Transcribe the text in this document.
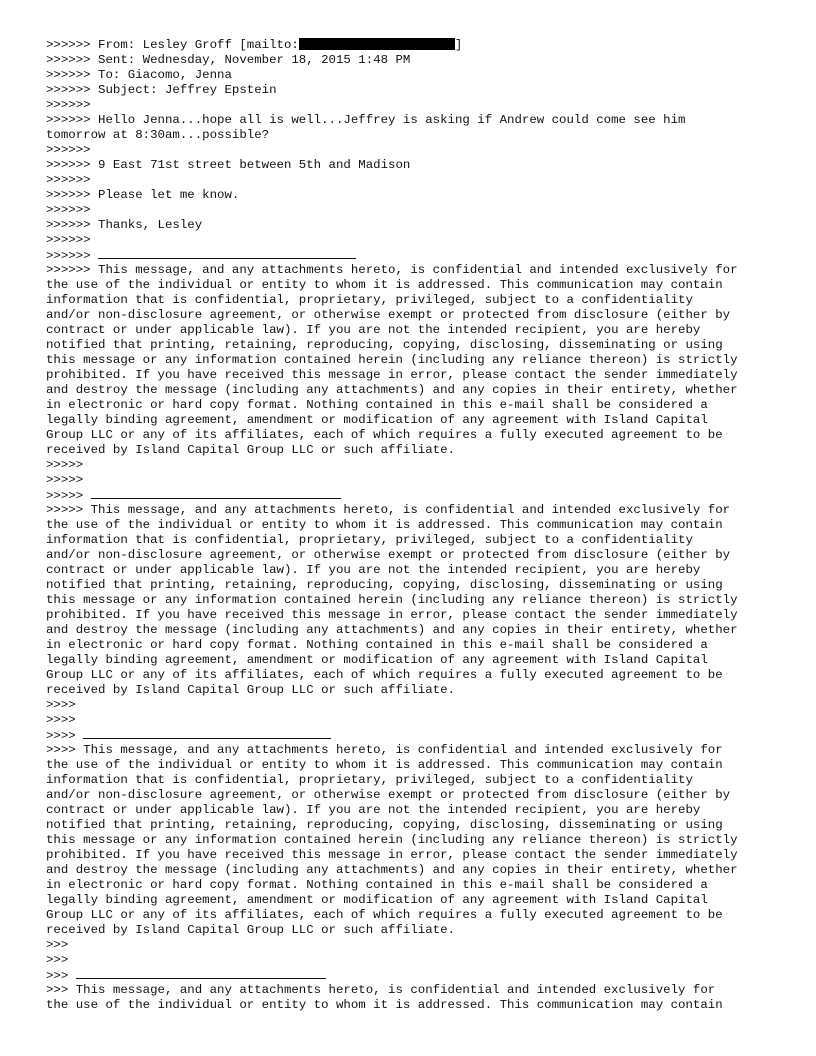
>>>>>> From: Lesley Groff [mailto:	]
>>>>>> Sent: Wednesday, November 18, 2015 1:48 PM
>>>>>> To: Giacomo, Jenna
>>>>>> Subject: Jeffrey Epstein
>>>>>>
>>>>>> Hello Jenna...hope all is well...Jeffrey is asking if Andrew could come see him
tomorrow at 8:30am...possible?
>>>>>>
>>>>>> 9 East 71st street between 5th and Madison
>>>>>>
>>>>>> Please let me know.
>>>>>>
>>>>>> Thanks, Lesley
>>>>>>
>>>>>>
>>>>>> This message, and any attachments hereto, is confidential and intended exclusively for
the use of the individual or entity to whom it is addressed. This communication may contain
information that is confidential, proprietary, privileged, subject to a confidentiality
and/or non-disclosure agreement, or otherwise exempt or protected from disclosure (either by
contract or under applicable law). If you are not the intended recipient, you are hereby
notified that printing, retaining, reproducing, copying, disclosing, disseminating or using
this message or any information contained herein (including any reliance thereon) is strictly
prohibited. If you have received this message in error, please contact the sender immediately
and destroy the message (including any attachments) and any copies in their entirety, whether
in electronic or hard copy format. Nothing contained in this e-mail shall be considered a
legally binding agreement, amendment or modification of any agreement with Island Capital
Group LLC or any of its affiliates, each of which requires a fully executed agreement to be
received by Island Capital Group LLC or such affiliate.
>>>>>
>>>>>
>>>>>
>>>>> This message, and any attachments hereto, is confidential and intended exclusively for
the use of the individual or entity to whom it is addressed. This communication may contain
information that is confidential, proprietary, privileged, subject to a confidentiality
and/or non-disclosure agreement, or otherwise exempt or protected from disclosure (either by
contract or under applicable law). If you are not the intended recipient, you are hereby
notified that printing, retaining, reproducing, copying, disclosing, disseminating or using
this message or any information contained herein (including any reliance thereon) is strictly
prohibited. If you have received this message in error, please contact the sender immediately
and destroy the message (including any attachments) and any copies in their entirety, whether
in electronic or hard copy format. Nothing contained in this e-mail shall be considered a
legally binding agreement, amendment or modification of any agreement with Island Capital
Group LLC or any of its affiliates, each of which requires a fully executed agreement to be
received by Island Capital Group LLC or such affiliate.
>>>>
>>>>
>>>>
>>>> This message, and any attachments hereto, is confidential and intended exclusively for
the use of the individual or entity to whom it is addressed. This communication may contain
information that is confidential, proprietary, privileged, subject to a confidentiality
and/or non-disclosure agreement, or otherwise exempt or protected from disclosure (either by
contract or under applicable law). If you are not the intended recipient, you are hereby
notified that printing, retaining, reproducing, copying, disclosing, disseminating or using
this message or any information contained herein (including any reliance thereon) is strictly
prohibited. If you have received this message in error, please contact the sender immediately
and destroy the message (including any attachments) and any copies in their entirety, whether
in electronic or hard copy format. Nothing contained in this e-mail shall be considered a
legally binding agreement, amendment or modification of any agreement with Island Capital
Group LLC or any of its affiliates, each of which requires a fully executed agreement to be
received by Island Capital Group LLC or such affiliate.
>>>
>>>
>>>
>>> This message, and any attachments hereto, is confidential and intended exclusively for
the use of the individual or entity to whom it is addressed. This communication may contain
